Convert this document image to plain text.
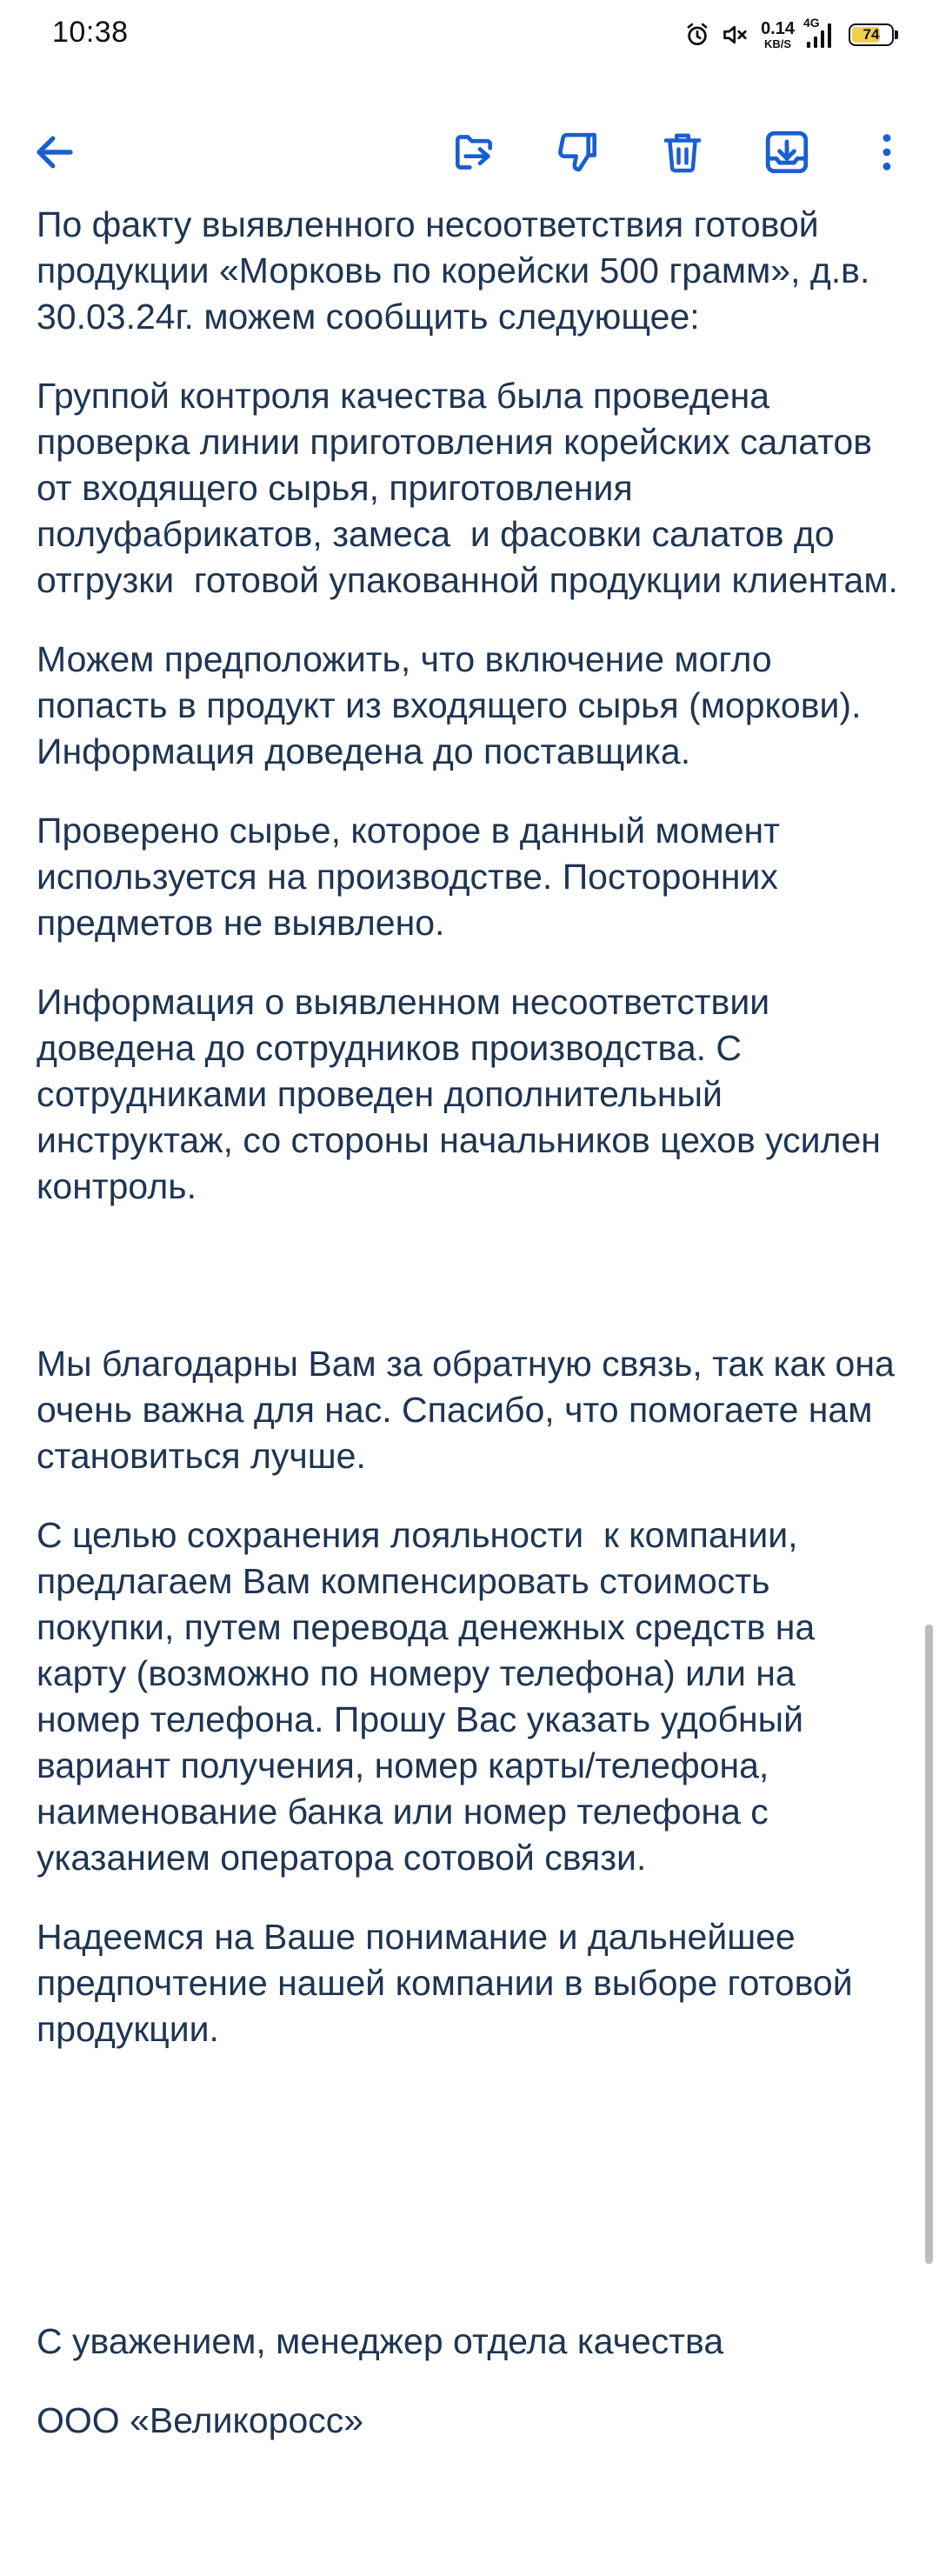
10:38	0.14
KB/S
4G
74

По факту выявленного несоответствия готовой продукции «Морковь по корейски 500 грамм», д.в. 30.03.24г. можем сообщить следующее:

Группой контроля качества была проведена проверка линии приготовления корейских салатов от входящего сырья, приготовления полуфабрикатов, замеса  и фасовки салатов до отгрузки  готовой упакованной продукции клиентам.

Можем предположить, что включение могло попасть в продукт из входящего сырья (моркови). Информация доведена до поставщика.

Проверено сырье, которое в данный момент используется на производстве. Посторонних предметов не выявлено.

Информация о выявленном несоответствии доведена до сотрудников производства. С сотрудниками проведен дополнительный инструктаж, со стороны начальников цехов усилен контроль.

Мы благодарны Вам за обратную связь, так как она очень важна для нас. Спасибо, что помогаете нам становиться лучше.

С целью сохранения лояльности  к компании, предлагаем Вам компенсировать стоимость покупки, путем перевода денежных средств на карту (возможно по номеру телефона) или на номер телефона. Прошу Вас указать удобный вариант получения, номер карты/телефона, наименование банка или номер телефона с указанием оператора сотовой связи.

Надеемся на Ваше понимание и дальнейшее предпочтение нашей компании в выборе готовой продукции.

С уважением, менеджер отдела качества

ООО «Великоросс»
